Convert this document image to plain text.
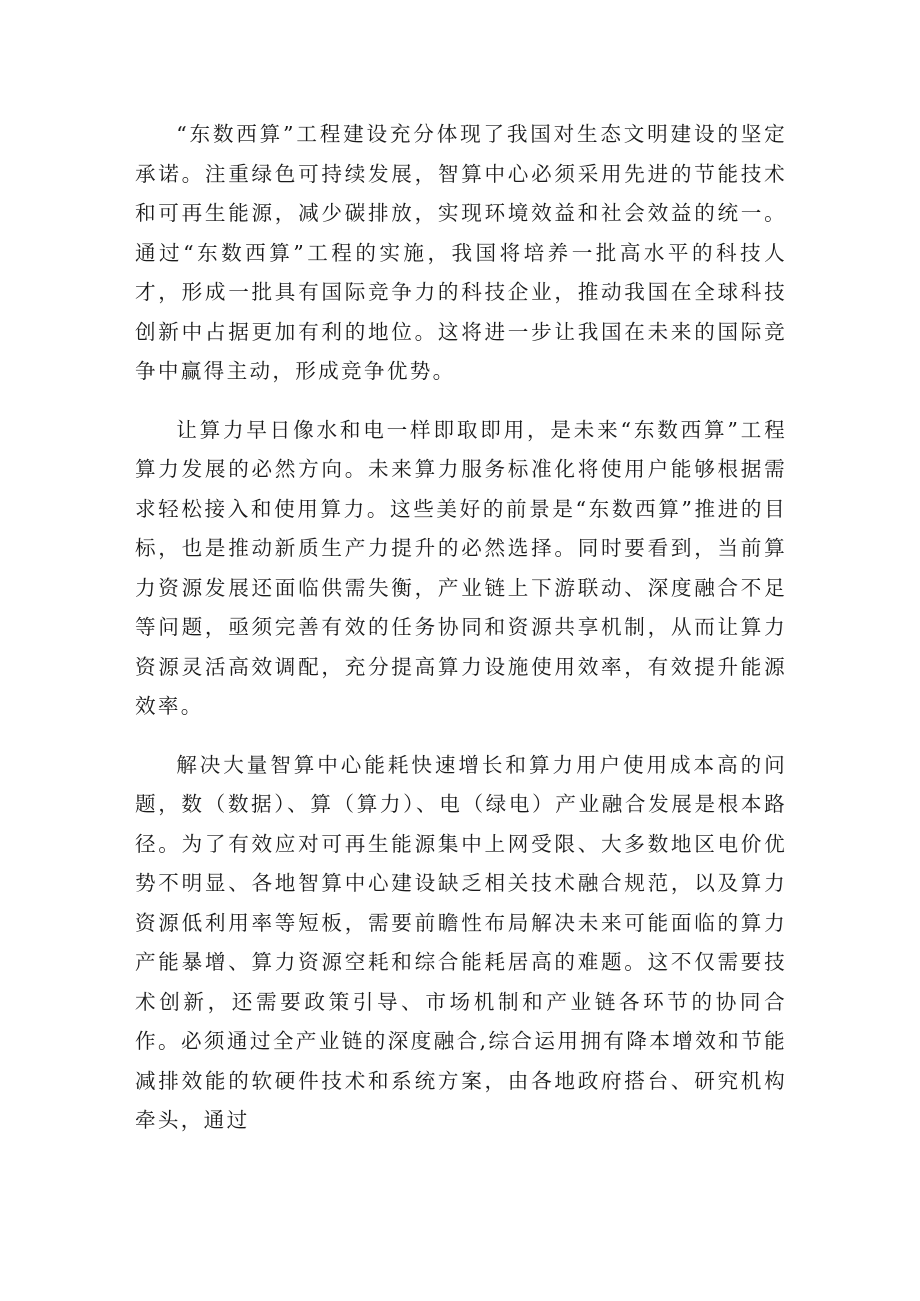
“东数西算”工程建设充分体现了我国对生态文明建设的坚定承诺。注重绿色可持续发展，智算中心必须采用先进的节能技术和可再生能源，减少碳排放，实现环境效益和社会效益的统一。通过“东数西算”工程的实施，我国将培养一批高水平的科技人才，形成一批具有国际竞争力的科技企业，推动我国在全球科技创新中占据更加有利的地位。这将进一步让我国在未来的国际竞争中赢得主动，形成竞争优势。

让算力早日像水和电一样即取即用，是未来“东数西算”工程算力发展的必然方向。未来算力服务标准化将使用户能够根据需求轻松接入和使用算力。这些美好的前景是“东数西算”推进的目标，也是推动新质生产力提升的必然选择。同时要看到，当前算力资源发展还面临供需失衡，产业链上下游联动、深度融合不足等问题，亟须完善有效的任务协同和资源共享机制，从而让算力资源灵活高效调配，充分提高算力设施使用效率，有效提升能源效率。

解决大量智算中心能耗快速增长和算力用户使用成本高的问题，数（数据）、算（算力）、电（绿电）产业融合发展是根本路径。为了有效应对可再生能源集中上网受限、大多数地区电价优势不明显、各地智算中心建设缺乏相关技术融合规范，以及算力资源低利用率等短板，需要前瞻性布局解决未来可能面临的算力产能暴增、算力资源空耗和综合能耗居高的难题。这不仅需要技术创新，还需要政策引导、市场机制和产业链各环节的协同合作。必须通过全产业链的深度融合,综合运用拥有降本增效和节能减排效能的软硬件技术和系统方案，由各地政府搭台、研究机构牵头，通过
